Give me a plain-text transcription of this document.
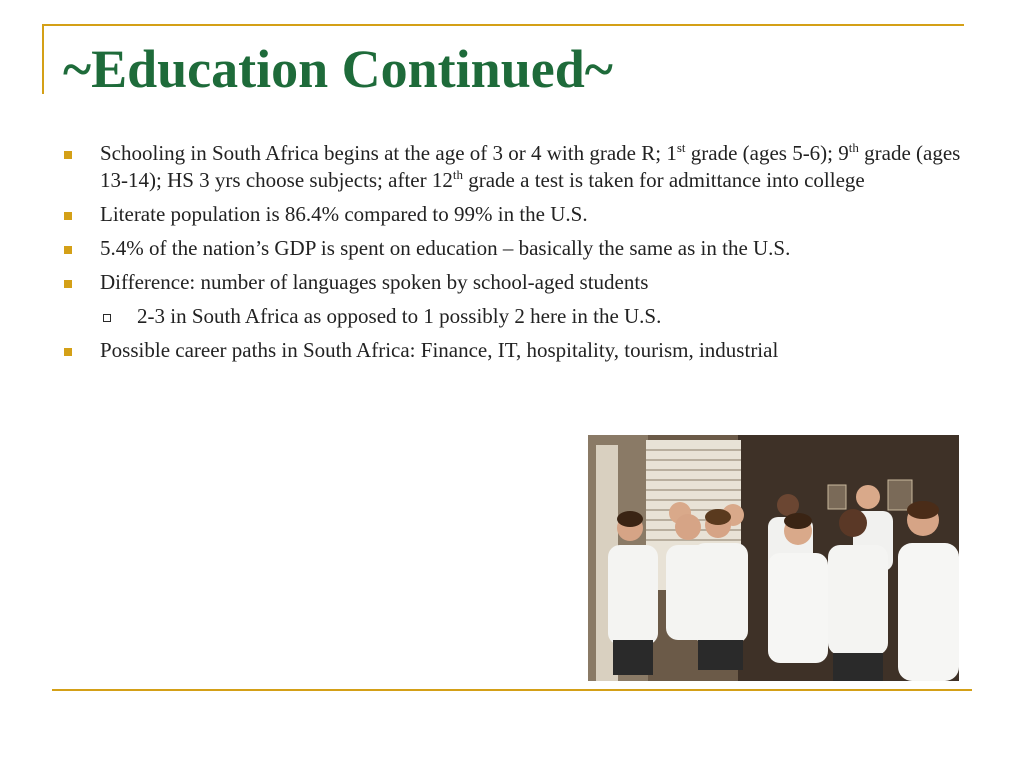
~Education Continued~
Schooling in South Africa begins at the age of 3 or 4 with grade R; 1st grade (ages 5-6); 9th grade (ages 13-14); HS 3 yrs choose subjects; after 12th grade a test is taken for admittance into college
Literate population is 86.4% compared to 99% in the U.S.
5.4% of the nation’s GDP is spent on education – basically the same as in the U.S.
Difference: number of languages spoken by school-aged students
2-3 in South Africa as opposed to 1 possibly 2 here in the U.S.
Possible career paths in South Africa: Finance, IT, hospitality, tourism, industrial
